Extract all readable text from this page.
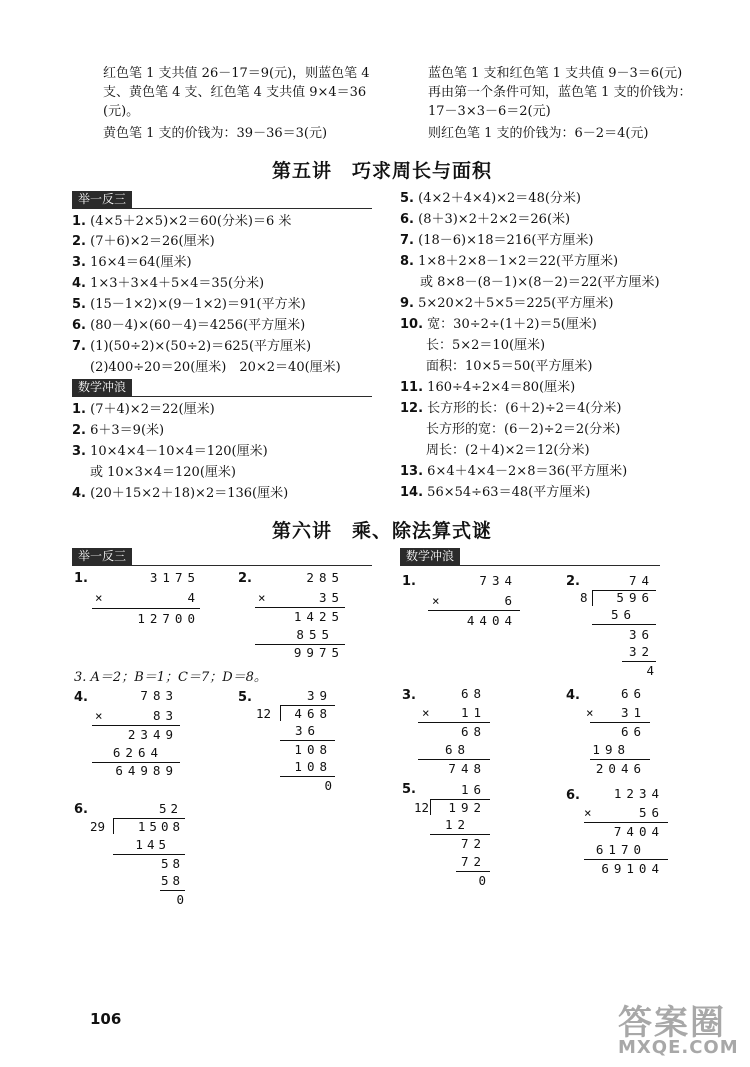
红色笔 1 支共值 26－17＝9(元)，则蓝色笔 4
支、黄色笔 4 支、红色笔 4 支共值 9×4＝36
(元)。
黄色笔 1 支的价钱为：39－36＝3(元)
蓝色笔 1 支和红色笔 1 支共值 9－3＝6(元)
再由第一个条件可知，蓝色笔 1 支的价钱为：
17－3×3－6＝2(元)
则红色笔 1 支的价钱为：6－2＝4(元)
第五讲　巧求周长与面积
举一反三
1. (4×5＋2×5)×2＝60(分米)＝6 米
2. (7＋6)×2＝26(厘米)
3. 16×4＝64(厘米)
4. 1×3＋3×4＋5×4＝35(分米)
5. (15－1×2)×(9－1×2)＝91(平方米)
6. (80－4)×(60－4)＝4256(平方厘米)
7. (1)(50÷2)×(50÷2)＝625(平方厘米)
(2)400÷20＝20(厘米)　20×2＝40(厘米)
数学冲浪
1. (7＋4)×2＝22(厘米)
2. 6＋3＝9(米)
3. 10×4×4－10×4＝120(厘米)
或 10×3×4＝120(厘米)
4. (20＋15×2＋18)×2＝136(厘米)
5. (4×2＋4×4)×2＝48(分米)
6. (8＋3)×2＋2×2＝26(米)
7. (18－6)×18＝216(平方厘米)
8. 1×8＋2×8－1×2＝22(平方厘米)
或 8×8－(8－1)×(8－2)＝22(平方厘米)
9. 5×20×2＋5×5＝225(平方厘米)
10. 宽：30÷2÷(1＋2)＝5(厘米)
长：5×2＝10(厘米)
面积：10×5＝50(平方厘米)
11. 160÷4÷2×4＝80(厘米)
12. 长方形的长：(6＋2)÷2＝4(分米)
长方形的宽：(6－2)÷2＝2(分米)
周长：(2＋4)×2＝12(分米)
13. 6×4＋4×4－2×8＝36(平方厘米)
14. 56×54÷63＝48(平方厘米)
第六讲　乘、除法算式谜
举一反三	数学冲浪
1.	3175
×	4
12700
2.	285
×	35
1425
855
9975
3. A＝2；B＝1；C＝7；D＝8。
4.	783
×	83
2349
6264
64989
5.	39
12	468
36
108
108
0
6.	52
29	1508
145
58
58
0
1.	734
×	6
4404
2.	74
8	596
56
36
32
4
3.	68
×	11
68
68
748
4.	66
×	31
66
198
2046
5.	16
12	192
12
72
72
0
6.	1234
×	56
7404
6170
69104
106	答案圈
MXQE.COM
